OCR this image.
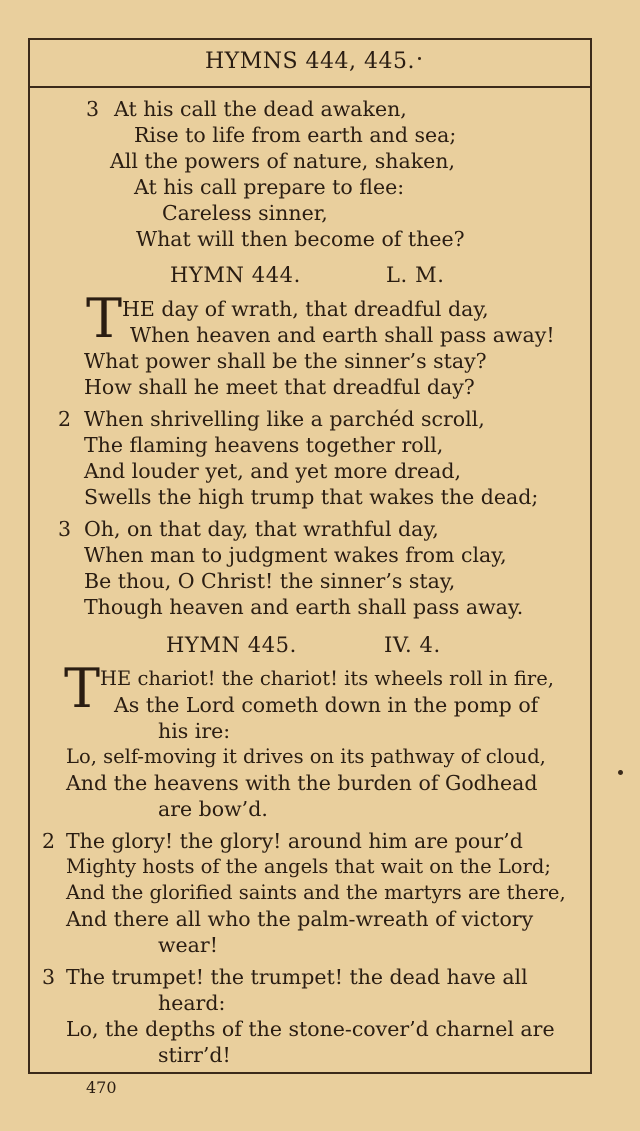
HYMNS 444, 445.
3 At his call the dead awaken,
Rise to life from earth and sea;
All the powers of nature, shaken,
At his call prepare to flee:
Careless sinner,
What will then become of thee?
HYMN 444.	L. M.
T HE day of wrath, that dreadful day,
When heaven and earth shall pass away!
What power shall be the sinner’s stay?
How shall he meet that dreadful day?
2 When shrivelling like a parchéd scroll,
The flaming heavens together roll,
And louder yet, and yet more dread,
Swells the high trump that wakes the dead;
3 Oh, on that day, that wrathful day,
When man to judgment wakes from clay,
Be thou, O Christ! the sinner’s stay,
Though heaven and earth shall pass away.
HYMN 445.	IV. 4.
T HE chariot! the chariot! its wheels roll in fire,
As the Lord cometh down in the pomp of
his ire:
Lo, self-moving it drives on its pathway of cloud,
And the heavens with the burden of Godhead
are bow’d.
2 The glory! the glory! around him are pour’d
Mighty hosts of the angels that wait on the Lord;
And the glorified saints and the martyrs are there,
And there all who the palm-wreath of victory
wear!
3 The trumpet! the trumpet! the dead have all
heard:
Lo, the depths of the stone-cover’d charnel are
stirr’d!
470
